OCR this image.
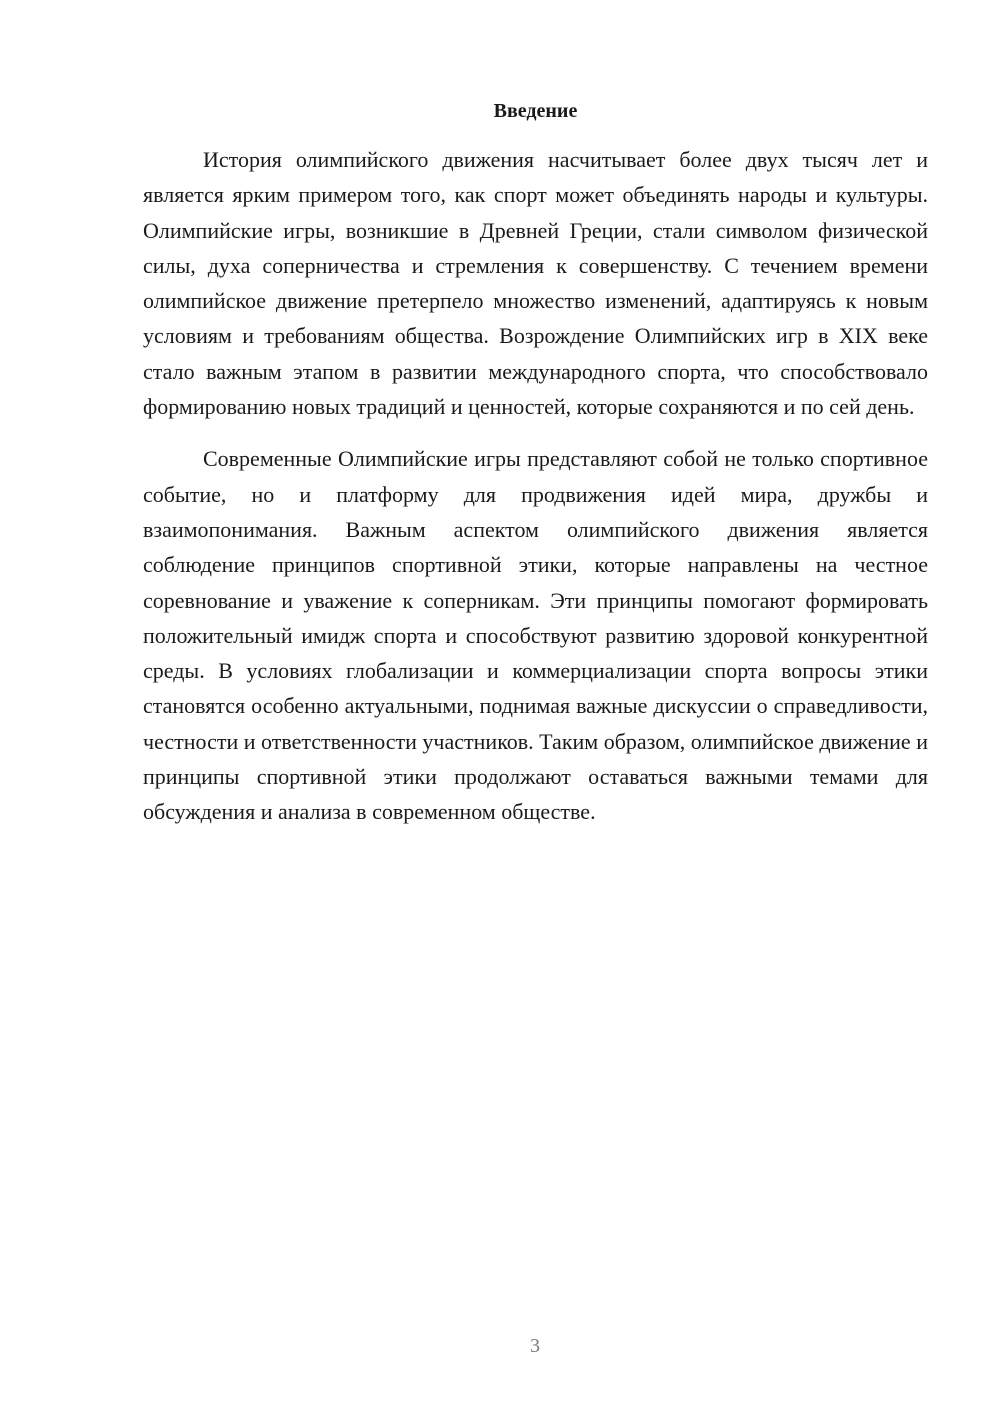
Введение

История олимпийского движения насчитывает более двух тысяч лет и является ярким примером того, как спорт может объединять народы и культуры. Олимпийские игры, возникшие в Древней Греции, стали символом физической силы, духа соперничества и стремления к совершенству. С течением времени олимпийское движение претерпело множество изменений, адаптируясь к новым условиям и требованиям общества. Возрождение Олимпийских игр в XIX веке стало важным этапом в развитии международного спорта, что способствовало формированию новых традиций и ценностей, которые сохраняются и по сей день.

Современные Олимпийские игры представляют собой не только спортивное событие, но и платформу для продвижения идей мира, дружбы и взаимопонимания. Важным аспектом олимпийского движения является соблюдение принципов спортивной этики, которые направлены на честное соревнование и уважение к соперникам. Эти принципы помогают формировать положительный имидж спорта и способствуют развитию здоровой конкурентной среды. В условиях глобализации и коммерциализации спорта вопросы этики становятся особенно актуальными, поднимая важные дискуссии о справедливости, честности и ответственности участников. Таким образом, олимпийское движение и принципы спортивной этики продолжают оставаться важными темами для обсуждения и анализа в современном обществе.

3
